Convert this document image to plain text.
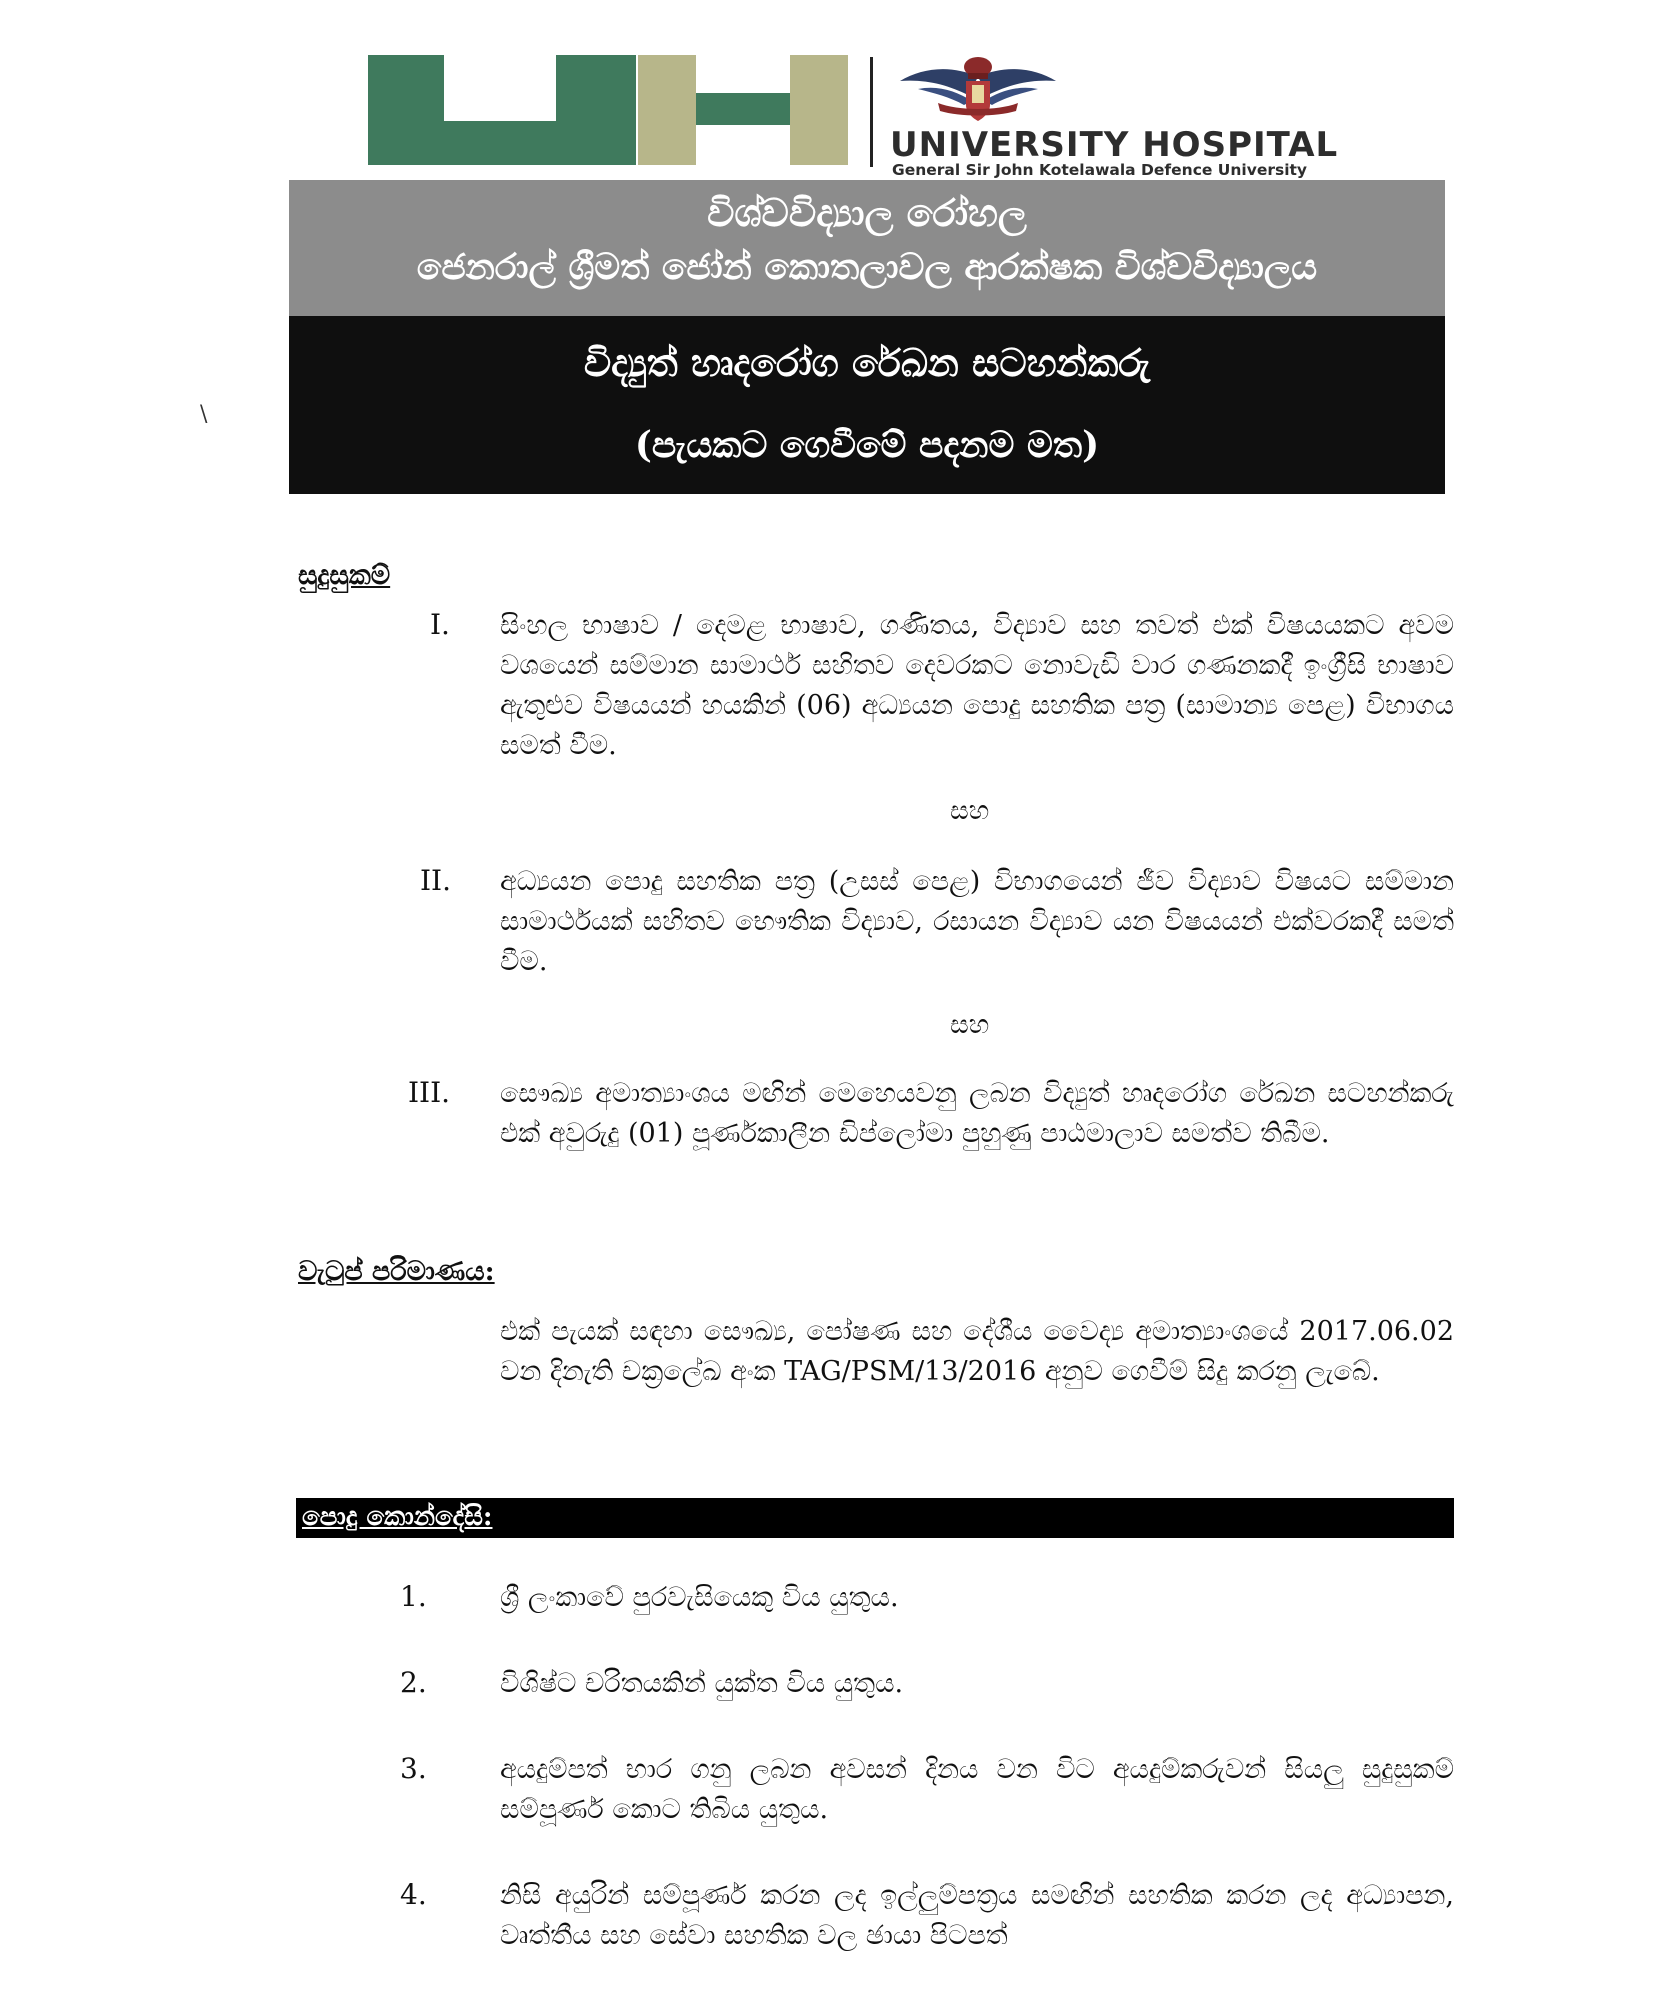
UNIVERSITY HOSPITAL
General Sir John Kotelawala Defence University
විශ්වවිද්‍යාල රෝහල
ජෙනරාල් ශ්‍රීමත් ජෝන් කොතලාවල ආරක්ෂක විශ්වවිද්‍යාලය
විද්‍යුත් හෘදරෝග රේඛන සටහන්කරු
(පැයකට ගෙවීමේ පදනම මත)
\
සුදුසුකම්
I. සිංහල භාෂාව / දෙමළ භාෂාව, ගණිතය, විද්‍යාව සහ තවත් එක් විෂයයකට අවම වශයෙන් සම්මාන සාමාර්ථ සහිතව දෙවරකට නොවැඩි වාර ගණනකදී ඉංග්‍රීසි භාෂාව ඇතුළුව විෂයයන් හයකින් (06) අධ්‍යයන පොදු සහතික පත්‍ර (සාමාන්‍ය පෙළ) විභාගය සමත් වීම.
සහ
II. අධ්‍යයන පොදු සහතික පත්‍ර (උසස් පෙළ) විභාගයෙන් ජීව විද්‍යාව විෂයට සම්මාන සාමාර්ථයක් සහිතව භෞතික විද්‍යාව, රසායන විද්‍යාව යන විෂයයන් එක්වරකදී සමත් වීම.
සහ
III. සෞඛ්‍ය අමාත්‍යාංශය මඟින් මෙහෙයවනු ලබන විද්‍යුත් හෘදරෝග රේඛන සටහන්කරු එක් අවුරුදු (01) පූර්ණකාලීන ඩිප්ලෝමා පුහුණු පාඨමාලාව සමත්ව තිබීම.
වැටුප් පරිමාණය:
එක් පැයක් සඳහා සෞඛ්‍ය, පෝෂණ සහ දේශීය වෛද්‍ය අමාත්‍යාංශයේ 2017.06.02 වන දිනැති චක්‍රලේඛ අංක TAG/PSM/13/2016 අනුව ගෙවීම් සිදු කරනු ලැබේ.
පොදු කොන්දේසි:
1.	ශ්‍රී ලංකාවේ පුරවැසියෙකු විය යුතුය.
2.	විශිෂ්ට චරිතයකින් යුක්ත විය යුතුය.
3.	අයදුම්පත් භාර ගනු ලබන අවසන් දිනය වන විට අයදුම්කරුවන් සියලු සුදුසුකම් සම්පූර්ණ කොට තිබිය යුතුය.
4.	නිසි අයුරින් සම්පූර්ණ කරන ලද ඉල්ලුම්පත්‍රය සමඟින් සහතික කරන ලද අධ්‍යාපන, වෘත්තීය සහ සේවා සහතික වල ඡායා පිටපත්
